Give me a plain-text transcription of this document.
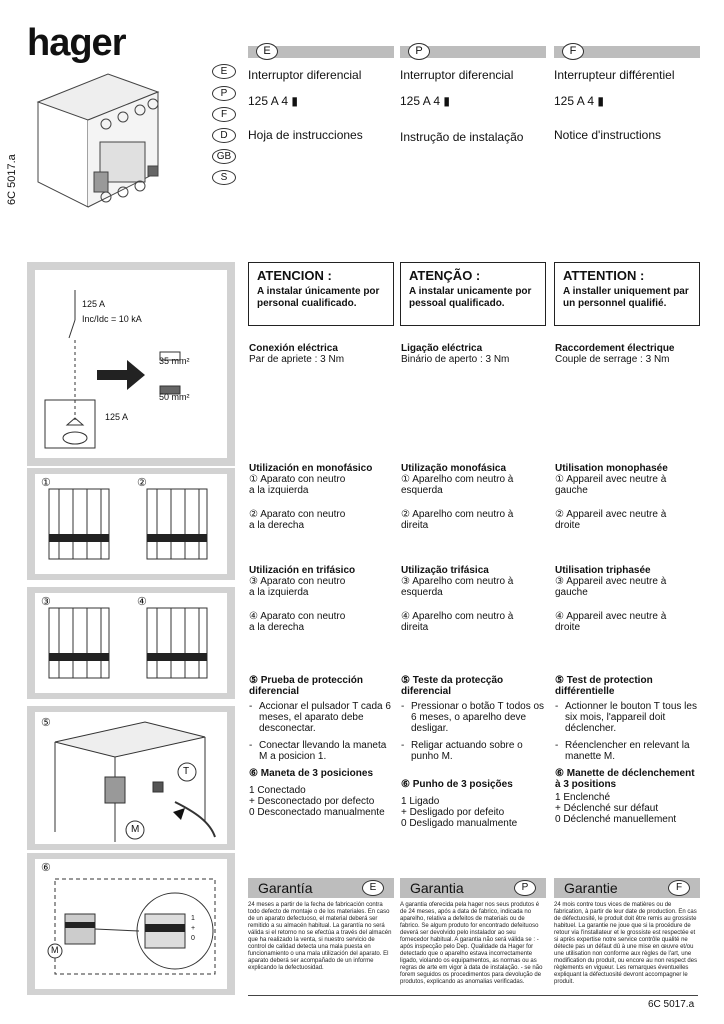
hager
6C 5017.a
E
P
F
D
GB
S
E
Interruptor diferencial
125 A 4 ▮
Hoja de instrucciones
P
Interruptor diferencial
125 A 4 ▮
Instrução de instalação
F
Interrupteur différentiel
125 A 4 ▮
Notice d'instructions
125 A
Inc/Idc = 10 kA
35 mm²
50 mm²
125 A
①	②
③	④
⑤
T
M
⑥
M
1
+
0
ATENCION :
A instalar únicamente por personal cualificado.
ATENÇÃO :
A instalar unicamente por pessoal qualificado.
ATTENTION :
A installer uniquement par un personnel qualifié.
Conexión eléctrica
Par de apriete : 3 Nm
Utilización en monofásico
① Aparato con neutro
a la izquierda
② Aparato con neutro
a la derecha
Utilización en trifásico
③ Aparato con neutro
a la izquierda
④ Aparato con neutro
a la derecha
⑤ Prueba de protección
diferencial
- Accionar el pulsador T cada 6 meses, el aparato debe desconectar.
- Conectar llevando la maneta M a posicion 1.
⑥ Maneta de 3 posiciones
1 Conectado
+ Desconectado por defecto
0 Desconectado manualmente
Ligação eléctrica
Binário de aperto : 3 Nm
Utilização monofásica
① Aparelho com neutro à
esquerda
② Aparelho com neutro à
direita
Utilização trifásica
③ Aparelho com neutro à
esquerda
④ Aparelho com neutro à
direita
⑤ Teste da protecção
diferencial
- Pressionar o botão T todos os 6 meses, o aparelho deve desligar.
- Religar actuando sobre o punho M.
⑥ Punho de 3 posições
1 Ligado
+ Desligado por defeito
0 Desligado manualmente
Raccordement électrique
Couple de serrage : 3 Nm
Utilisation monophasée
① Appareil avec neutre à
gauche
② Appareil avec neutre à
droite
Utilisation triphasée
③ Appareil avec neutre à
gauche
④ Appareil avec neutre à
droite
⑤ Test de protection
différentielle
- Actionner le bouton T tous les six mois, l'appareil doit déclencher.
- Réenclencher en relevant la manette M.
⑥ Manette de déclenchement
à 3 positions
1 Enclenché
+ Déclenché sur défaut
0 Déclenché manuellement
Garantía	E	Garantia	P	Garantie	F
24 meses a partir de la fecha de fabricación contra todo defecto de montaje o de los materiales. En caso de un aparato defectuoso, el material deberá ser remitido a su almacén habitual. La garantía no será válida si el retorno no se efectúa a través del almacén que ha realizado la venta, si nuestro servicio de control de calidad detecta una mala puesta en funcionamiento o una mala utilización del aparato. El aparato deberá ser acompañado de un informe explicando la defectuosidad.
A garantia oferecida pela hager nos seus produtos é de 24 meses, após a data de fabrico, indicada no aparelho, relativa a defeitos de materiais ou de fabrico. Se algum produto for encontrado defeituoso deverá ser devolvido pelo instalador ao seu fornecedor habitual. A garantia não será válida se : - após inspecção pelo Dep. Qualidade da Hager for detectado que o aparelho estava incorrectamente ligado, violando os equipamentos, as normas ou as regras de arte em vigor à data de instalação. - se não forem seguidos os procedimentos para devolução de produtos, explicando as anomalias verificadas.
24 mois contre tous vices de matières ou de fabrication, à partir de leur date de production. En cas de défectuosité, le produit doit être remis au grossiste habituel. La garantie ne joue que si la procédure de retour via l'installateur et le grossiste est respectée et si après expertise notre service contrôle qualité ne détecte pas un défaut dû à une mise en œuvre et/ou une utilisation non conforme aux règles de l'art, une modification du produit, ou encore au non respect des règlements en vigueur. Les remarques éventuelles expliquant la défectuosité devront accompagner le produit.
6C 5017.a
